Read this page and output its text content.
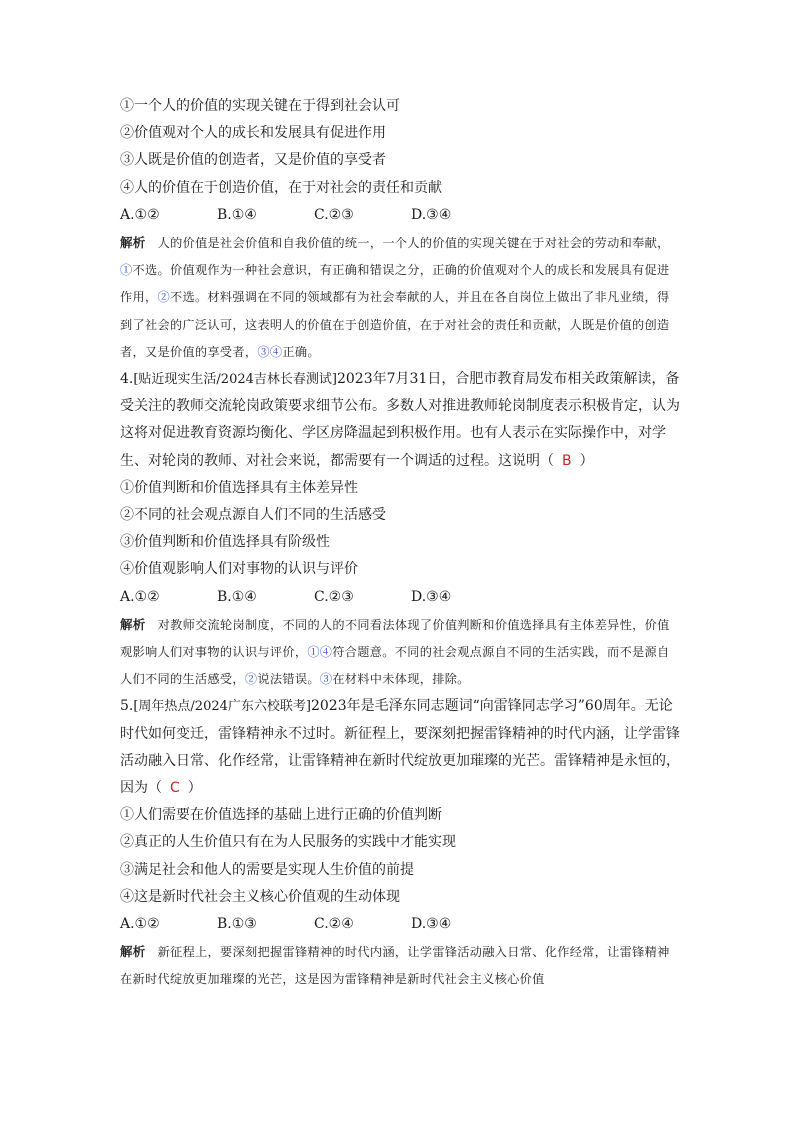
①一个人的价值的实现关键在于得到社会认可
②价值观对个人的成长和发展具有促进作用
③人既是价值的创造者，又是价值的享受者
④人的价值在于创造价值，在于对社会的责任和贡献
A.①②	B.①④	C.②③	D.③④
解析 人的价值是社会价值和自我价值的统一，一个人的价值的实现关键在于对社会的劳动和奉献，①不选。价值观作为一种社会意识，有正确和错误之分，正确的价值观对个人的成长和发展具有促进作用，②不选。材料强调在不同的领域都有为社会奉献的人，并且在各自岗位上做出了非凡业绩，得到了社会的广泛认可，这表明人的价值在于创造价值，在于对社会的责任和贡献，人既是价值的创造者，又是价值的享受者，③④正确。
4.[贴近现实生活/2024吉林长春测试]2023年7月31日，合肥市教育局发布相关政策解读，备受关注的教师交流轮岗政策要求细节公布。多数人对推进教师轮岗制度表示积极肯定，认为这将对促进教育资源均衡化、学区房降温起到积极作用。也有人表示在实际操作中，对学生、对轮岗的教师、对社会来说，都需要有一个调适的过程。这说明（ B ）
①价值判断和价值选择具有主体差异性
②不同的社会观点源自人们不同的生活感受
③价值判断和价值选择具有阶级性
④价值观影响人们对事物的认识与评价
A.①②	B.①④	C.②③	D.③④
解析 对教师交流轮岗制度，不同的人的不同看法体现了价值判断和价值选择具有主体差异性，价值观影响人们对事物的认识与评价，①④符合题意。不同的社会观点源自不同的生活实践，而不是源自人们不同的生活感受，②说法错误。③在材料中未体现，排除。
5.[周年热点/2024广东六校联考]2023年是毛泽东同志题词“向雷锋同志学习”60周年。无论时代如何变迁，雷锋精神永不过时。新征程上，要深刻把握雷锋精神的时代内涵，让学雷锋活动融入日常、化作经常，让雷锋精神在新时代绽放更加璀璨的光芒。雷锋精神是永恒的，因为（ C ）
①人们需要在价值选择的基础上进行正确的价值判断
②真正的人生价值只有在为人民服务的实践中才能实现
③满足社会和他人的需要是实现人生价值的前提
④这是新时代社会主义核心价值观的生动体现
A.①②	B.①③	C.②④	D.③④
解析 新征程上，要深刻把握雷锋精神的时代内涵，让学雷锋活动融入日常、化作经常，让雷锋精神在新时代绽放更加璀璨的光芒，这是因为雷锋精神是新时代社会主义核心价值
